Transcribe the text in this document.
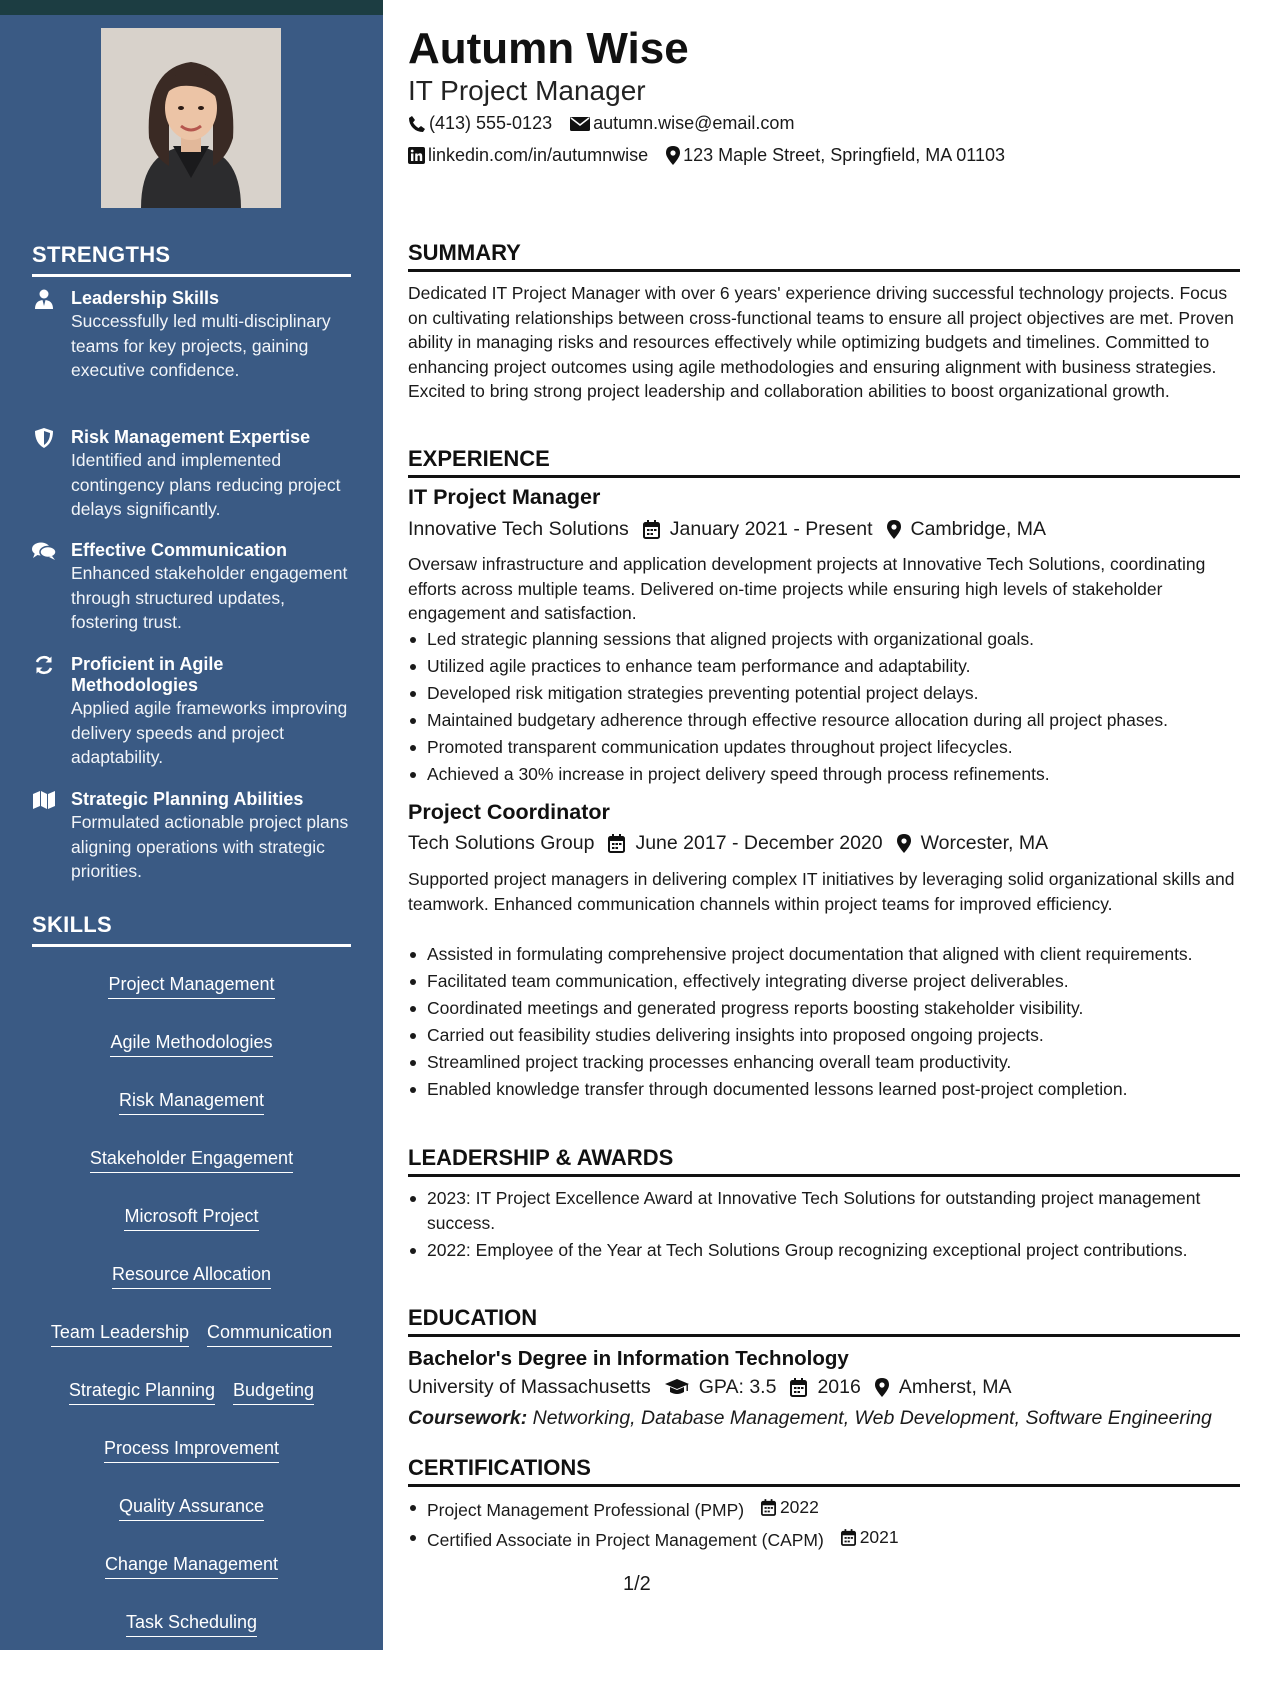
STRENGTHS
Leadership Skills
Successfully led multi-disciplinary teams for key projects, gaining executive confidence.
Risk Management Expertise
Identified and implemented contingency plans reducing project delays significantly.
Effective Communication
Enhanced stakeholder engagement through structured updates, fostering trust.
Proficient in Agile Methodologies
Applied agile frameworks improving delivery speeds and project adaptability.
Strategic Planning Abilities
Formulated actionable project plans aligning operations with strategic priorities.
SKILLS
Project Management
Agile Methodologies
Risk Management
Stakeholder Engagement
Microsoft Project
Resource Allocation
Team Leadership Communication
Strategic Planning Budgeting
Process Improvement
Quality Assurance
Change Management
Task Scheduling
Technology Integration
Autumn Wise
IT Project Manager
(413) 555-0123 autumn.wise@email.com
linkedin.com/in/autumnwise 123 Maple Street, Springfield, MA 01103
SUMMARY
Dedicated IT Project Manager with over 6 years' experience driving successful technology projects. Focus on cultivating relationships between cross-functional teams to ensure all project objectives are met. Proven ability in managing risks and resources effectively while optimizing budgets and timelines. Committed to enhancing project outcomes using agile methodologies and ensuring alignment with business strategies. Excited to bring strong project leadership and collaboration abilities to boost organizational growth.
EXPERIENCE
IT Project Manager
Innovative Tech Solutions January 2021 - Present Cambridge, MA
Oversaw infrastructure and application development projects at Innovative Tech Solutions, coordinating efforts across multiple teams. Delivered on-time projects while ensuring high levels of stakeholder engagement and satisfaction.
Led strategic planning sessions that aligned projects with organizational goals.
Utilized agile practices to enhance team performance and adaptability.
Developed risk mitigation strategies preventing potential project delays.
Maintained budgetary adherence through effective resource allocation during all project phases.
Promoted transparent communication updates throughout project lifecycles.
Achieved a 30% increase in project delivery speed through process refinements.
Project Coordinator
Tech Solutions Group June 2017 - December 2020 Worcester, MA
Supported project managers in delivering complex IT initiatives by leveraging solid organizational skills and teamwork. Enhanced communication channels within project teams for improved efficiency.
Assisted in formulating comprehensive project documentation that aligned with client requirements.
Facilitated team communication, effectively integrating diverse project deliverables.
Coordinated meetings and generated progress reports boosting stakeholder visibility.
Carried out feasibility studies delivering insights into proposed ongoing projects.
Streamlined project tracking processes enhancing overall team productivity.
Enabled knowledge transfer through documented lessons learned post-project completion.
LEADERSHIP & AWARDS
2023: IT Project Excellence Award at Innovative Tech Solutions for outstanding project management success.
2022: Employee of the Year at Tech Solutions Group recognizing exceptional project contributions.
EDUCATION
Bachelor's Degree in Information Technology
University of Massachusetts GPA: 3.5 2016 Amherst, MA
Coursework: Networking, Database Management, Web Development, Software Engineering
CERTIFICATIONS
Project Management Professional (PMP) 2022
Certified Associate in Project Management (CAPM) 2021
1/2
